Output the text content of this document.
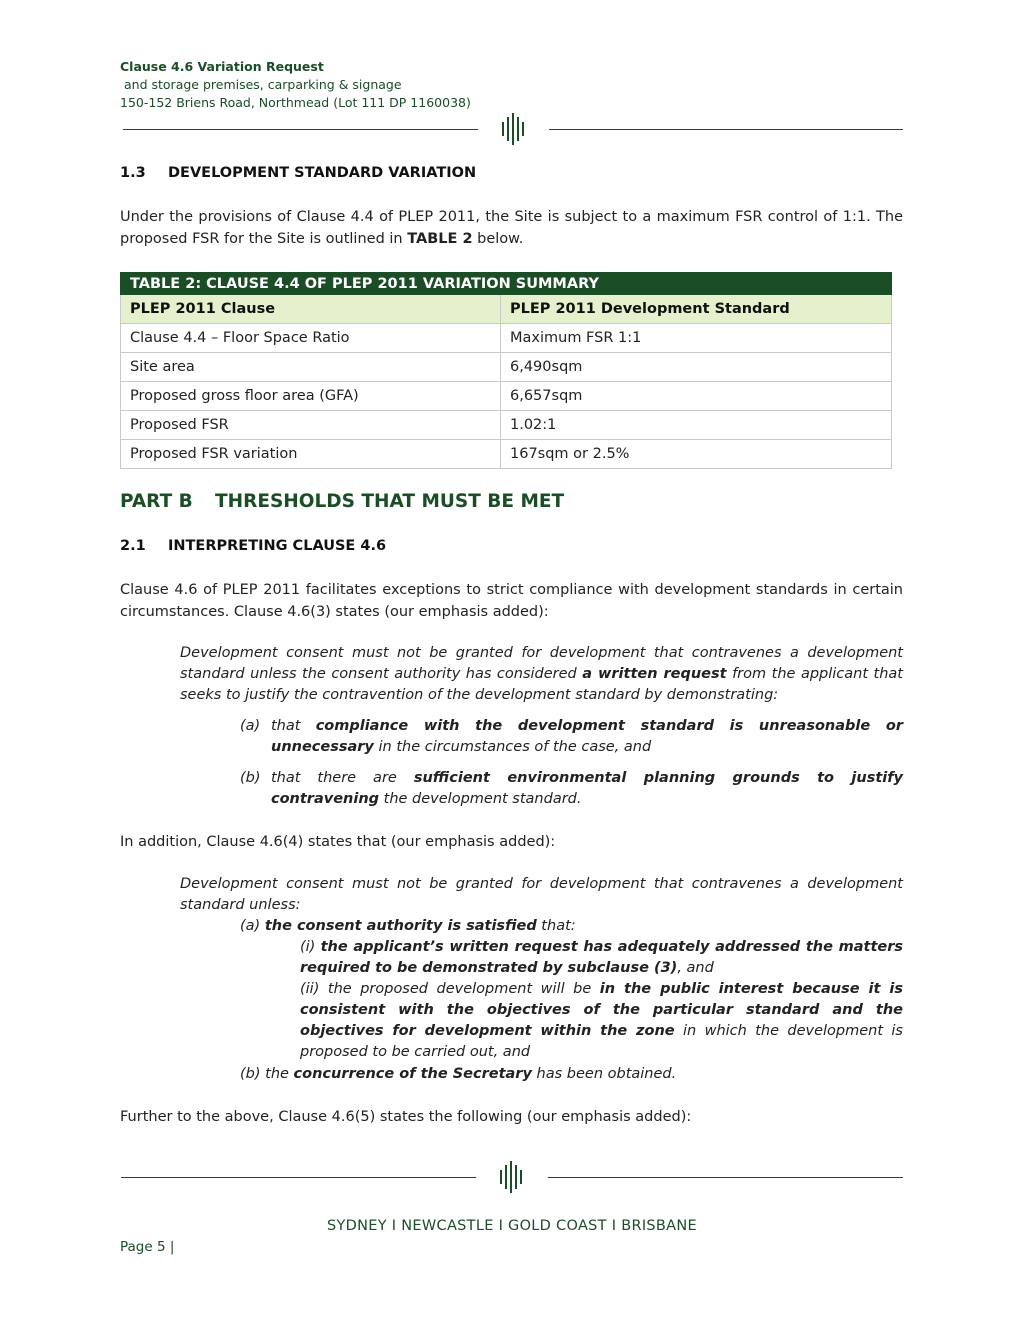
Clause 4.6 Variation Request
and storage premises, carparking & signage
150-152 Briens Road, Northmead (Lot 111 DP 1160038)
1.3 DEVELOPMENT STANDARD VARIATION
Under the provisions of Clause 4.4 of PLEP 2011, the Site is subject to a maximum FSR control of 1:1. The proposed FSR for the Site is outlined in TABLE 2 below.
TABLE 2: CLAUSE 4.4 OF PLEP 2011 VARIATION SUMMARY	
PLEP 2011 Clause	PLEP 2011 Development Standard
Clause 4.4 – Floor Space Ratio	Maximum FSR 1:1
Site area	6,490sqm
Proposed gross floor area (GFA)	6,657sqm
Proposed FSR	1.02:1
Proposed FSR variation	167sqm or 2.5%
PART B THRESHOLDS THAT MUST BE MET
2.1 INTERPRETING CLAUSE 4.6
Clause 4.6 of PLEP 2011 facilitates exceptions to strict compliance with development standards in certain circumstances. Clause 4.6(3) states (our emphasis added):
Development consent must not be granted for development that contravenes a development standard unless the consent authority has considered a written request from the applicant that seeks to justify the contravention of the development standard by demonstrating:
(a) that compliance with the development standard is unreasonable or unnecessary in the circumstances of the case, and
(b) that there are sufficient environmental planning grounds to justify contravening the development standard.
In addition, Clause 4.6(4) states that (our emphasis added):
Development consent must not be granted for development that contravenes a development standard unless:
(a) the consent authority is satisfied that:
(i) the applicant’s written request has adequately addressed the matters required to be demonstrated by subclause (3), and
(ii) the proposed development will be in the public interest because it is consistent with the objectives of the particular standard and the objectives for development within the zone in which the development is proposed to be carried out, and
(b) the concurrence of the Secretary has been obtained.
Further to the above, Clause 4.6(5) states the following (our emphasis added):
SYDNEY I NEWCASTLE I GOLD COAST I BRISBANE
Page 5 |
